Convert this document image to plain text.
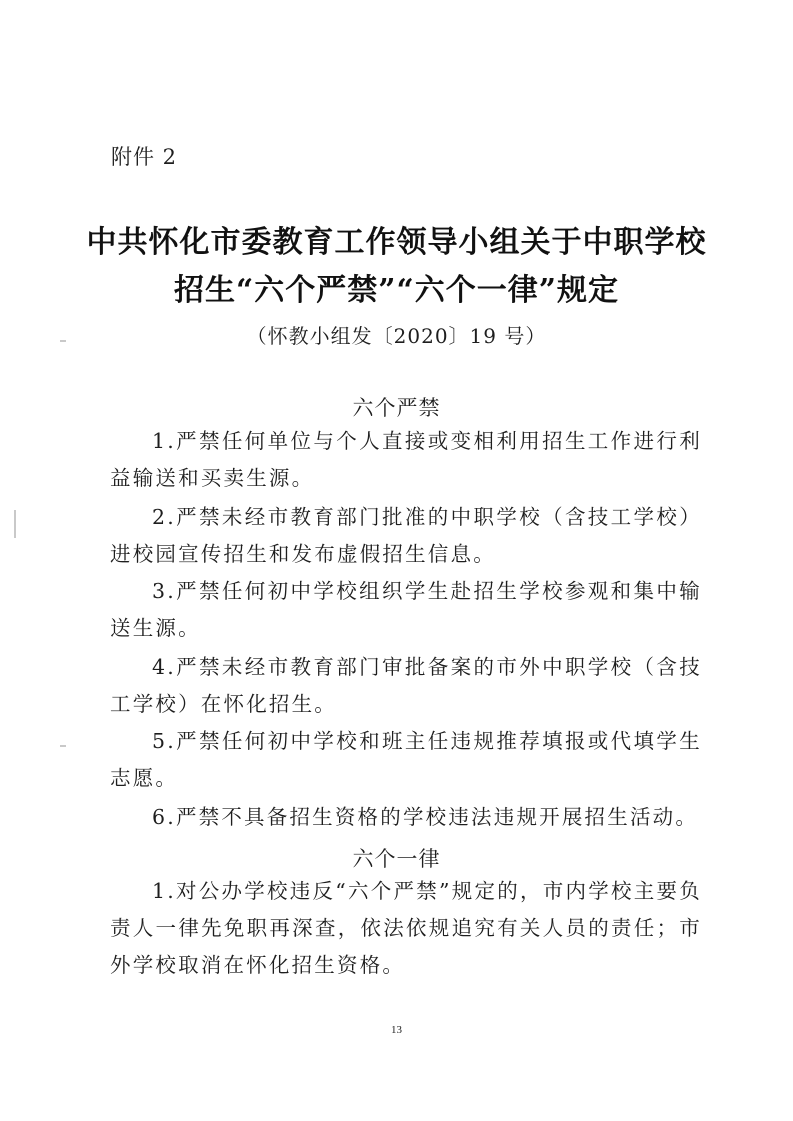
附件 2
中共怀化市委教育工作领导小组关于中职学校
招生“六个严禁”“六个一律”规定
（怀教小组发〔2020〕19 号）
六个严禁
1.严禁任何单位与个人直接或变相利用招生工作进行利益输送和买卖生源。
2.严禁未经市教育部门批准的中职学校（含技工学校）进校园宣传招生和发布虚假招生信息。
3.严禁任何初中学校组织学生赴招生学校参观和集中输送生源。
4.严禁未经市教育部门审批备案的市外中职学校（含技工学校）在怀化招生。
5.严禁任何初中学校和班主任违规推荐填报或代填学生志愿。
6.严禁不具备招生资格的学校违法违规开展招生活动。
六个一律
1.对公办学校违反“六个严禁”规定的，市内学校主要负责人一律先免职再深查，依法依规追究有关人员的责任；市外学校取消在怀化招生资格。
13
